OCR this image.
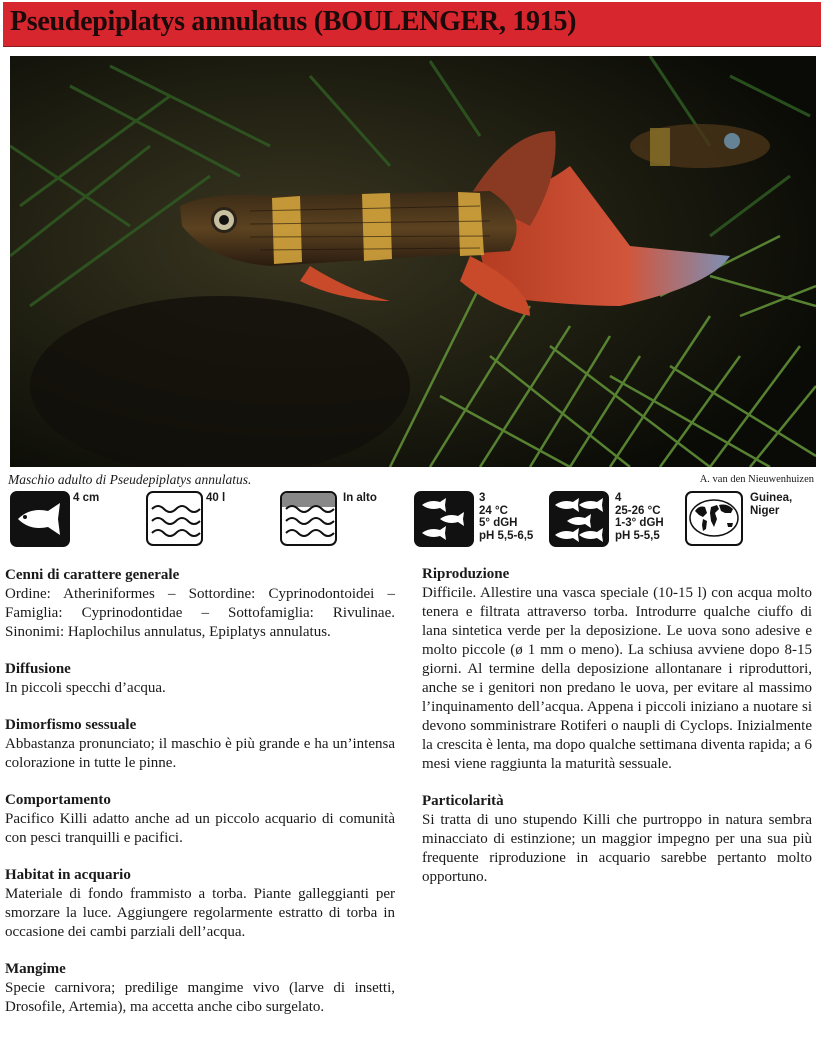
Pseudepiplatys annulatus (BOULENGER, 1915)
Maschio adulto di Pseudepiplatys annulatus.	A. van den Nieuwenhuizen
4 cm	40 l	In alto	3
24 °C
5° dGH
pH 5,5-6,5
4
25-26 °C
1-3° dGH
pH 5-5,5
Guinea,
Niger
Cenni di carattere generale

Ordine: Atheriniformes – Sottordine: Cyprinodontoidei – Famiglia: Cyprinodontidae – Sottofamiglia: Rivulinae. Sinonimi: Haplochilus annulatus, Epiplatys annulatus.

Diffusione

In piccoli specchi d’acqua.

Dimorfismo sessuale

Abbastanza pronunciato; il maschio è più grande e ha un’intensa colorazione in tutte le pinne.

Comportamento

Pacifico Killi adatto anche ad un piccolo acquario di comunità con pesci tranquilli e pacifici.

Habitat in acquario

Materiale di fondo frammisto a torba. Piante galleggianti per smorzare la luce. Aggiungere regolarmente estratto di torba in occasione dei cambi parziali dell’acqua.

Mangime

Specie carnivora; predilige mangime vivo (larve di insetti, Drosofile, Artemia), ma accetta anche cibo surgelato.

Riproduzione

Difficile. Allestire una vasca speciale (10-15 l) con acqua molto tenera e filtrata attraverso torba. Introdurre qualche ciuffo di lana sintetica verde per la deposizione. Le uova sono adesive e molto piccole (ø 1 mm o meno). La schiusa avviene dopo 8-15 giorni. Al termine della deposizione allontanare i riproduttori, anche se i genitori non predano le uova, per evitare al massimo l’inquinamento dell’acqua. Appena i piccoli iniziano a nuotare si devono somministrare Rotiferi o naupli di Cyclops. Inizialmente la crescita è lenta, ma dopo qualche settimana diventa rapida; a 6 mesi viene raggiunta la maturità sessuale.

Particolarità

Si tratta di uno stupendo Killi che purtroppo in natura sembra minacciato di estinzione; un maggior impegno per una sua più frequente riproduzione in acquario sarebbe pertanto molto opportuno.
